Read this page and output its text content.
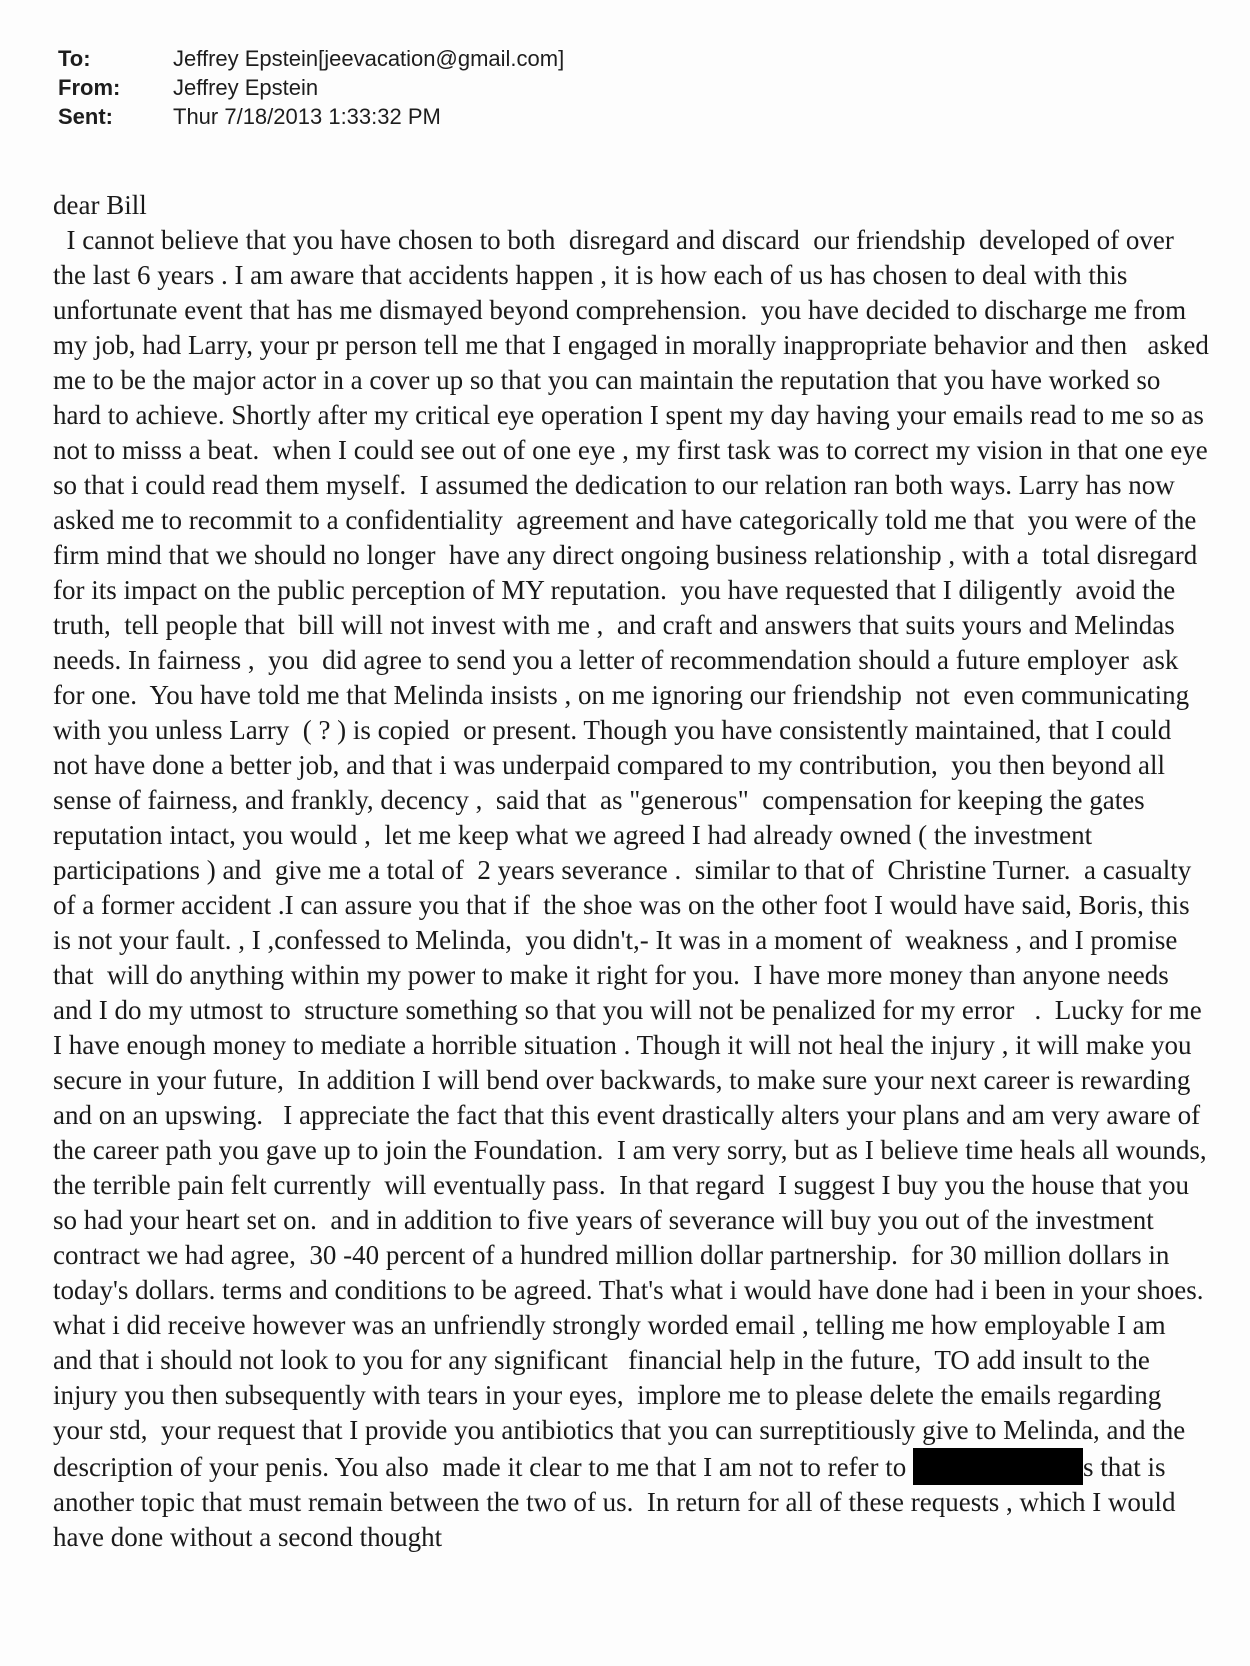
To:	Jeffrey Epstein[jeevacation@gmail.com]
From:	Jeffrey Epstein
Sent:	Thur 7/18/2013 1:33:32 PM
dear Bill

I cannot believe that you have chosen to both  disregard and discard  our friendship  developed of over  the last 6 years . I am aware that accidents happen , it is how each of us has chosen to deal with this unfortunate event that has me dismayed beyond comprehension.  you have decided to discharge me from my job, had Larry, your pr person tell me that I engaged in morally inappropriate behavior and then   asked me to be the major actor in a cover up so that you can maintain the reputation that you have worked so hard to achieve. Shortly after my critical eye operation I spent my day having your emails read to me so as not to misss a beat.  when I could see out of one eye , my first task was to correct my vision in that one eye so that i could read them myself.  I assumed the dedication to our relation ran both ways. Larry has now  asked me to recommit to a confidentiality  agreement and have categorically told me that  you were of the firm mind that we should no longer  have any direct ongoing business relationship , with a  total disregard for its impact on the public perception of MY reputation.  you have requested that I diligently  avoid the truth,  tell people that  bill will not invest with me ,  and craft and answers that suits yours and Melindas  needs. In fairness ,  you  did agree to send you a letter of recommendation should a future employer  ask for one.  You have told me that Melinda insists , on me ignoring our friendship  not  even communicating with you unless Larry  ( ? ) is copied  or present. Though you have consistently maintained, that I could not have done a better job, and that i was underpaid compared to my contribution,  you then beyond all sense of fairness, and frankly, decency ,  said that  as "generous"  compensation for keeping the gates  reputation intact, you would ,  let me keep what we agreed I had already owned ( the investment participations ) and  give me a total of  2 years severance .  similar to that of  Christine Turner.  a casualty of a former accident .I can assure you that if  the shoe was on the other foot I would have said, Boris, this is not your fault. , I ,confessed to Melinda,  you didn't,- It was in a moment of  weakness , and I promise that  will do anything within my power to make it right for you.  I have more money than anyone needs  and I do my utmost to  structure something so that you will not be penalized for my error   .  Lucky for me I have enough money to mediate a horrible situation . Though it will not heal the injury , it will make you secure in your future,  In addition I will bend over backwards, to make sure your next career is rewarding and on an upswing.   I appreciate the fact that this event drastically alters your plans and am very aware of the career path you gave up to join the Foundation.  I am very sorry, but as I believe time heals all wounds,  the terrible pain felt currently  will eventually pass.  In that regard  I suggest I buy you the house that you so had your heart set on.  and in addition to five years of severance will buy you out of the investment contract we had agree,  30 -40 percent of a hundred million dollar partnership.  for 30 million dollars in today's dollars. terms and conditions to be agreed. That's what i would have done had i been in your shoes.  what i did receive however was an unfriendly strongly worded email , telling me how employable I am and that i should not look to you for any significant   financial help in the future,  TO add insult to the injury you then subsequently with tears in your eyes,  implore me to please delete the emails regarding your std,  your request that I provide you antibiotics that you can surreptitiously give to Melinda, and the description of your penis. You also  made it clear to me that I am not to refer to	s that is another topic that must remain between the two of us.  In return for all of these requests , which I would have done without a second thought
